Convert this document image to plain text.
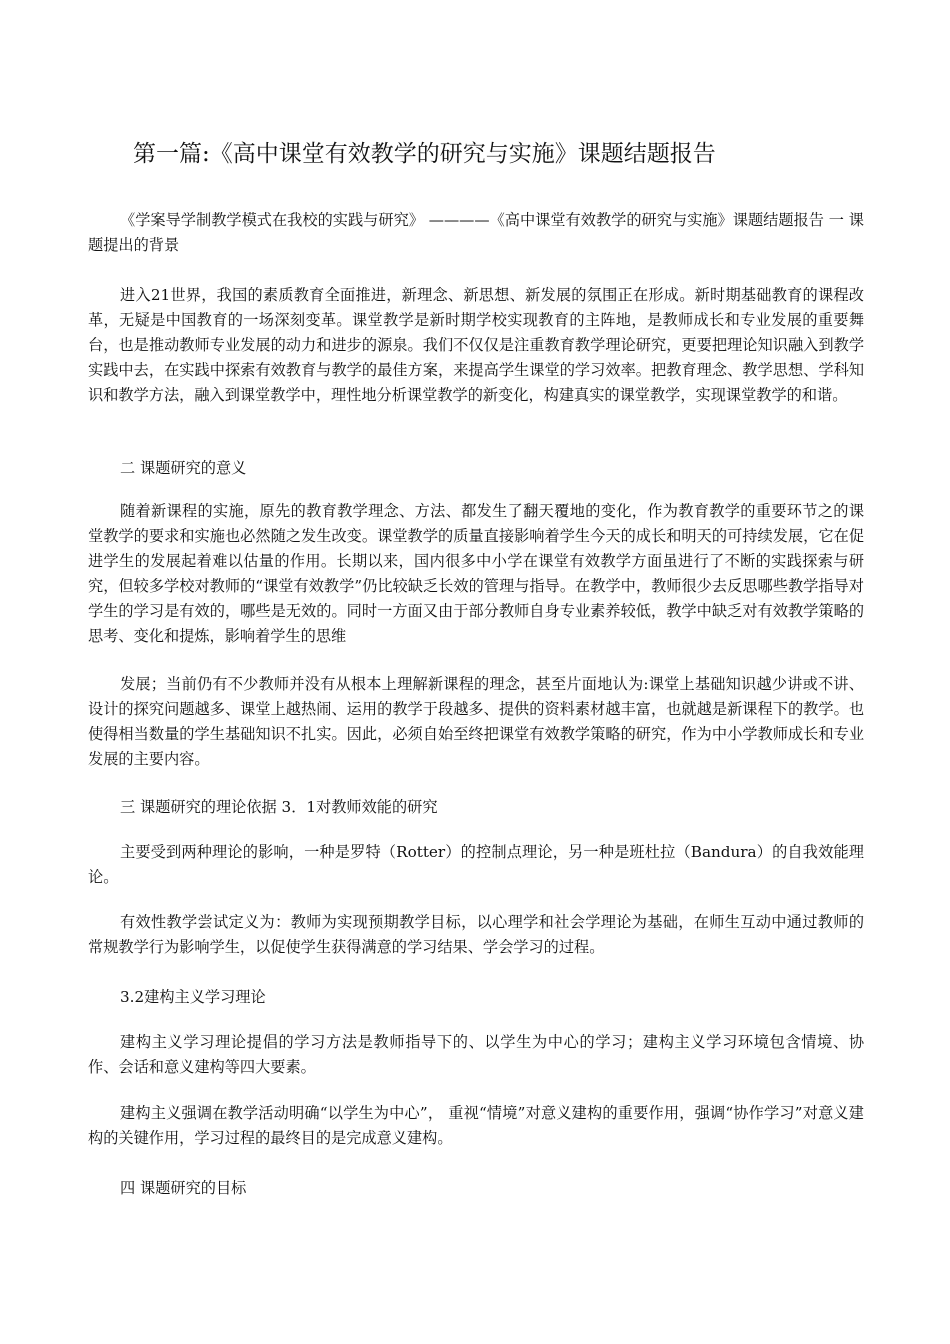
第一篇:《高中课堂有效教学的研究与实施》课题结题报告

《学案导学制教学模式在我校的实践与研究》 ————《高中课堂有效教学的研究与实施》课题结题报告 一 课题提出的背景

进入21世界，我国的素质教育全面推进，新理念、新思想、新发展的氛围正在形成。新时期基础教育的课程改革，无疑是中国教育的一场深刻变革。课堂教学是新时期学校实现教育的主阵地，是教师成长和专业发展的重要舞台，也是推动教师专业发展的动力和进步的源泉。我们不仅仅是注重教育教学理论研究，更要把理论知识融入到教学实践中去，在实践中探索有效教育与教学的最佳方案，来提高学生课堂的学习效率。把教育理念、教学思想、学科知识和教学方法，融入到课堂教学中，理性地分析课堂教学的新变化，构建真实的课堂教学，实现课堂教学的和谐。

二 课题研究的意义

随着新课程的实施，原先的教育教学理念、方法、都发生了翻天覆地的变化，作为教育教学的重要环节之的课堂教学的要求和实施也必然随之发生改变。课堂教学的质量直接影响着学生今天的成长和明天的可持续发展，它在促进学生的发展起着难以估量的作用。长期以来，国内很多中小学在课堂有效教学方面虽进行了不断的实践探索与研究，但较多学校对教师的“课堂有效教学”仍比较缺乏长效的管理与指导。在教学中，教师很少去反思哪些教学指导对学生的学习是有效的，哪些是无效的。同时一方面又由于部分教师自身专业素养较低，教学中缺乏对有效教学策略的思考、变化和提炼，影响着学生的思维

发展；当前仍有不少教师并没有从根本上理解新课程的理念，甚至片面地认为:课堂上基础知识越少讲或不讲、设计的探究问题越多、课堂上越热闹、运用的教学于段越多、提供的资料素材越丰富，也就越是新课程下的教学。也使得相当数量的学生基础知识不扎实。因此，必须自始至终把课堂有效教学策略的研究，作为中小学教师成长和专业发展的主要内容。

三 课题研究的理论依据 3．1对教师效能的研究

主要受到两种理论的影响，一种是罗特（Rotter）的控制点理论，另一种是班杜拉（Bandura）的自我效能理论。

有效性教学尝试定义为：教师为实现预期教学目标，以心理学和社会学理论为基础，在师生互动中通过教师的常规教学行为影响学生，以促使学生获得满意的学习结果、学会学习的过程。

3.2建构主义学习理论

建构主义学习理论提倡的学习方法是教师指导下的、以学生为中心的学习；建构主义学习环境包含情境、协作、会话和意义建构等四大要素。

建构主义强调在教学活动明确“以学生为中心”， 重视“情境”对意义建构的重要作用，强调“协作学习”对意义建构的关键作用，学习过程的最终目的是完成意义建构。

四 课题研究的目标
